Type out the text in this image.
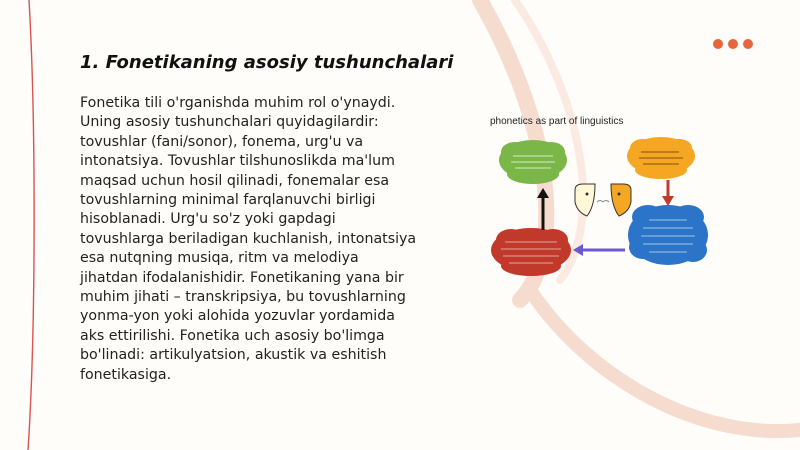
1. Fonetikaning asosiy tushunchalari

Fonetika tili o'rganishda muhim rol o'ynaydi. Uning asosiy tushunchalari quyidagilardir: tovushlar (fani/sonor), fonema, urg'u va intonatsiya. Tovushlar tilshunoslikda ma'lum maqsad uchun hosil qilinadi, fonemalar esa tovushlarning minimal farqlanuvchi birligi hisoblanadi. Urg'u so'z yoki gapdagi tovushlarga beriladigan kuchlanish, intonatsiya esa nutqning musiqa, ritm va melodiya jihatdan ifodalanishidir. Fonetikaning yana bir muhim jihati – transkripsiya, bu tovushlarning yonma-yon yoki alohida yozuvlar yordamida aks ettirilishi. Fonetika uch asosiy bo'limga bo'linadi: artikulyatsion, akustik va eshitish fonetikasiga.

phonetics as part of linguistics
